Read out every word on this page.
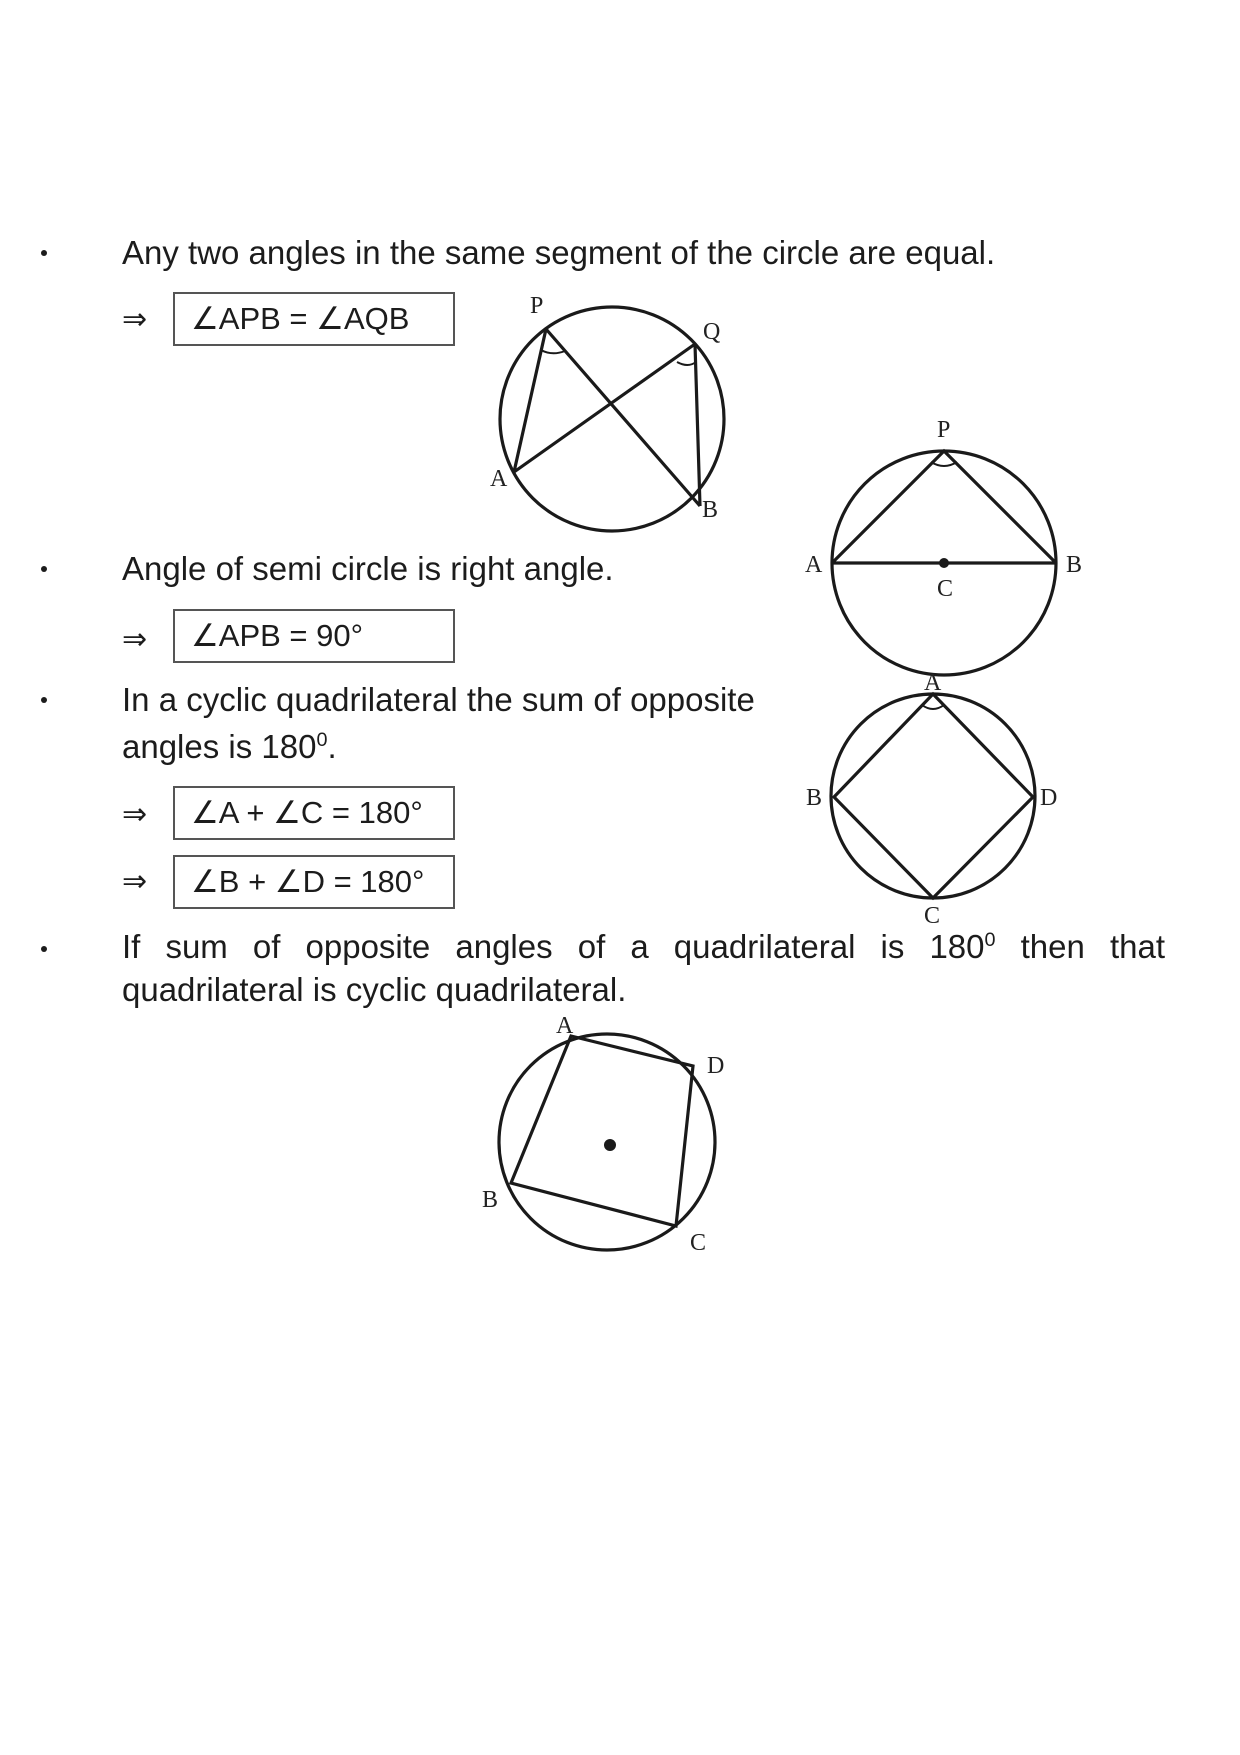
Any two angles in the same segment of the circle are equal.
⇒	∠APB = ∠AQB	P
Q
A
B
Angle of semi circle is right angle.
⇒	∠APB = 90°
P
A	B
C
In a cyclic quadrilateral the sum of opposite
angles is $180^0$.
⇒	∠A + ∠C = 180°
⇒	∠B + ∠D = 180°
A
B	D
C
If sum of opposite angles of a quadrilateral is $180^0$ then that quadrilateral is cyclic quadrilateral.
A
D
B
C
